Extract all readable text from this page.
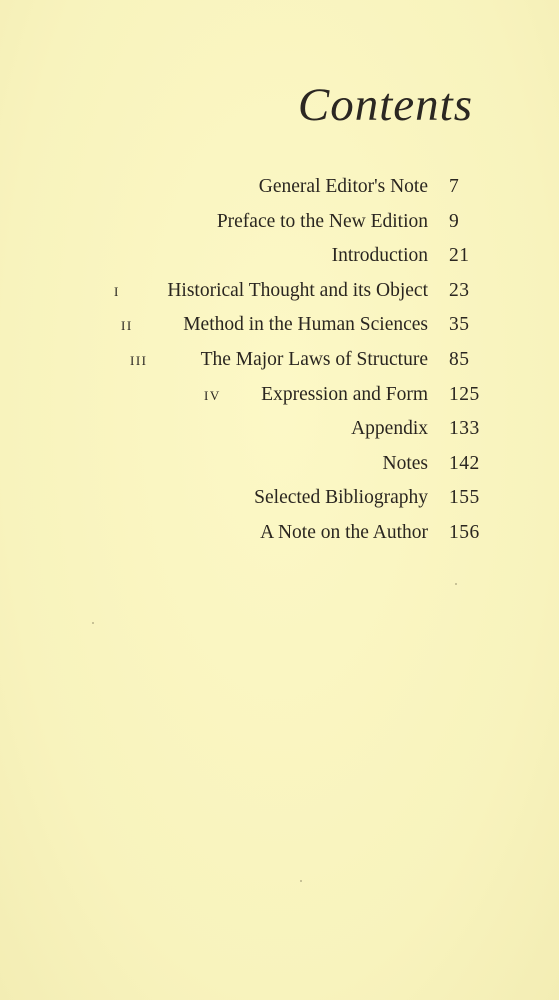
Contents
General Editor's Note 7
Preface to the New Edition 9
Introduction 21
i Historical Thought and its Object 23
ii	Method in the Human Sciences 35
iii	The Major Laws of Structure 85
iv Expression and Form 125
Appendix 133
Notes 142
Selected Bibliography 155
A Note on the Author 156
